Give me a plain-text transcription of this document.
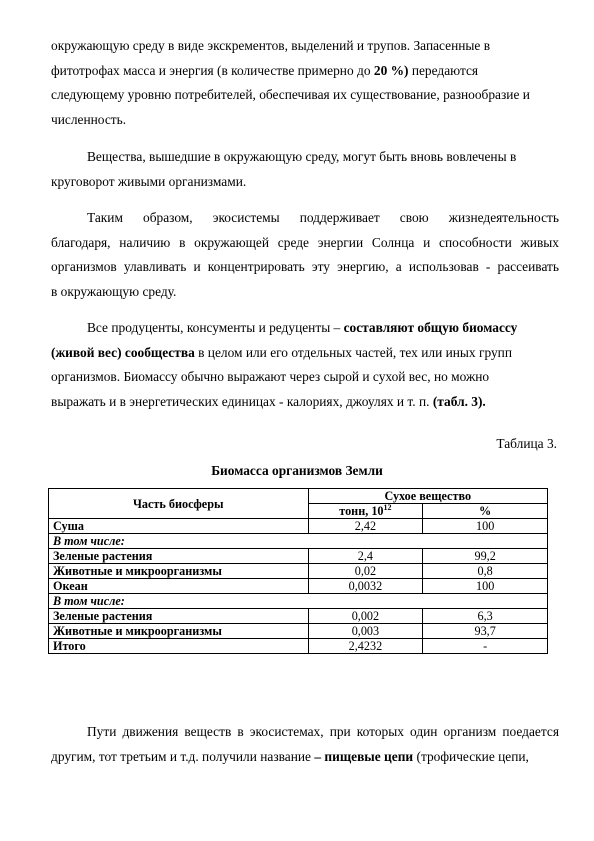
окружающую среду в виде экскрементов, выделений и трупов. Запасенные в
фитотрофах масса и энергия (в количестве примерно до 20 %) передаются
следующему уровню потребителей, обеспечивая их существование, разнообразие и
численность.

Вещества, вышедшие в окружающую среду, могут быть вновь вовлечены в
круговорот живыми организмами.

Таким образом, экосистемы поддерживает свою жизнедеятельность
благодаря, наличию в окружающей среде энергии Солнца и способности живых
организмов улавливать и концентрировать эту энергию, а использовав - рассеивать
в окружающую среду.

Все продуценты, консументы и редуценты – составляют общую биомассу
(живой вес) сообщества в целом или его отдельных частей, тех или иных групп
организмов. Биомассу обычно выражают через сырой и сухой вес, но можно
выражать и в энергетических единицах - калориях, джоулях и т. п. (табл. 3).

Таблица 3.
Биомасса организмов Земли
Часть биосферы	Сухое вещество	
	тонн, $10^{12}$	%
Суша	2,42	100
В том числе:		
Зеленые растения	2,4	99,2
Животные и микроорганизмы	0,02	0,8
Океан	0,0032	100
В том числе:		
Зеленые растения	0,002	6,3
Животные и микроорганизмы	0,003	93,7
Итого	2,4232	-

Пути движения веществ в экосистемах, при которых один организм поедается
другим, тот третьим и т.д. получили название – пищевые цепи (трофические цепи,
